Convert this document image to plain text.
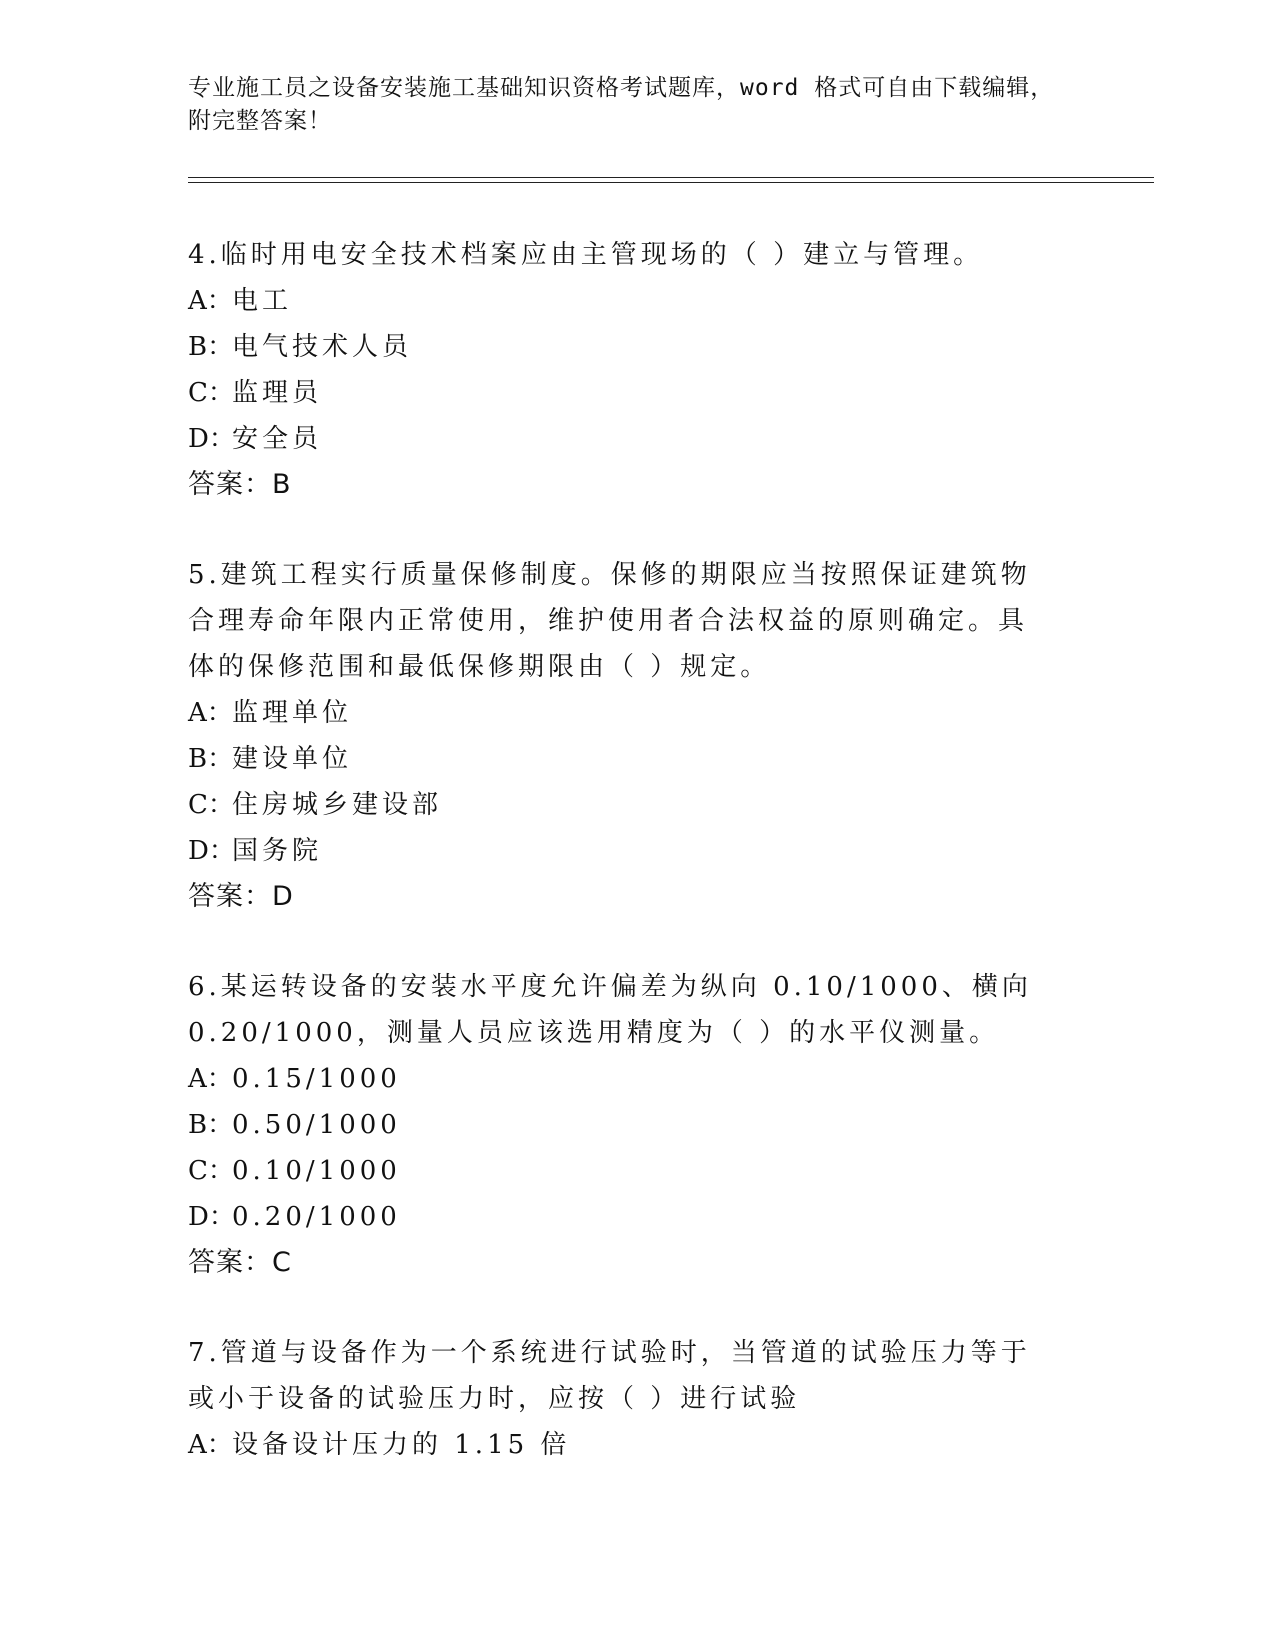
专业施工员之设备安装施工基础知识资格考试题库，word 格式可自由下载编辑，
附完整答案！
4.临时用电安全技术档案应由主管现场的（ ）建立与管理。
A：电工
B：电气技术人员
C：监理员
D：安全员
答案：B
5.建筑工程实行质量保修制度。保修的期限应当按照保证建筑物合理寿命年限内正常使用，维护使用者合法权益的原则确定。具体的保修范围和最低保修期限由（ ）规定。
A：监理单位
B：建设单位
C：住房城乡建设部
D：国务院
答案：D
6.某运转设备的安装水平度允许偏差为纵向 0.10/1000、横向 0.20/1000，测量人员应该选用精度为（ ）的水平仪测量。
A：0.15/1000
B：0.50/1000
C：0.10/1000
D：0.20/1000
答案：C
7.管道与设备作为一个系统进行试验时，当管道的试验压力等于或小于设备的试验压力时，应按（ ）进行试验
A：设备设计压力的 1.15 倍
